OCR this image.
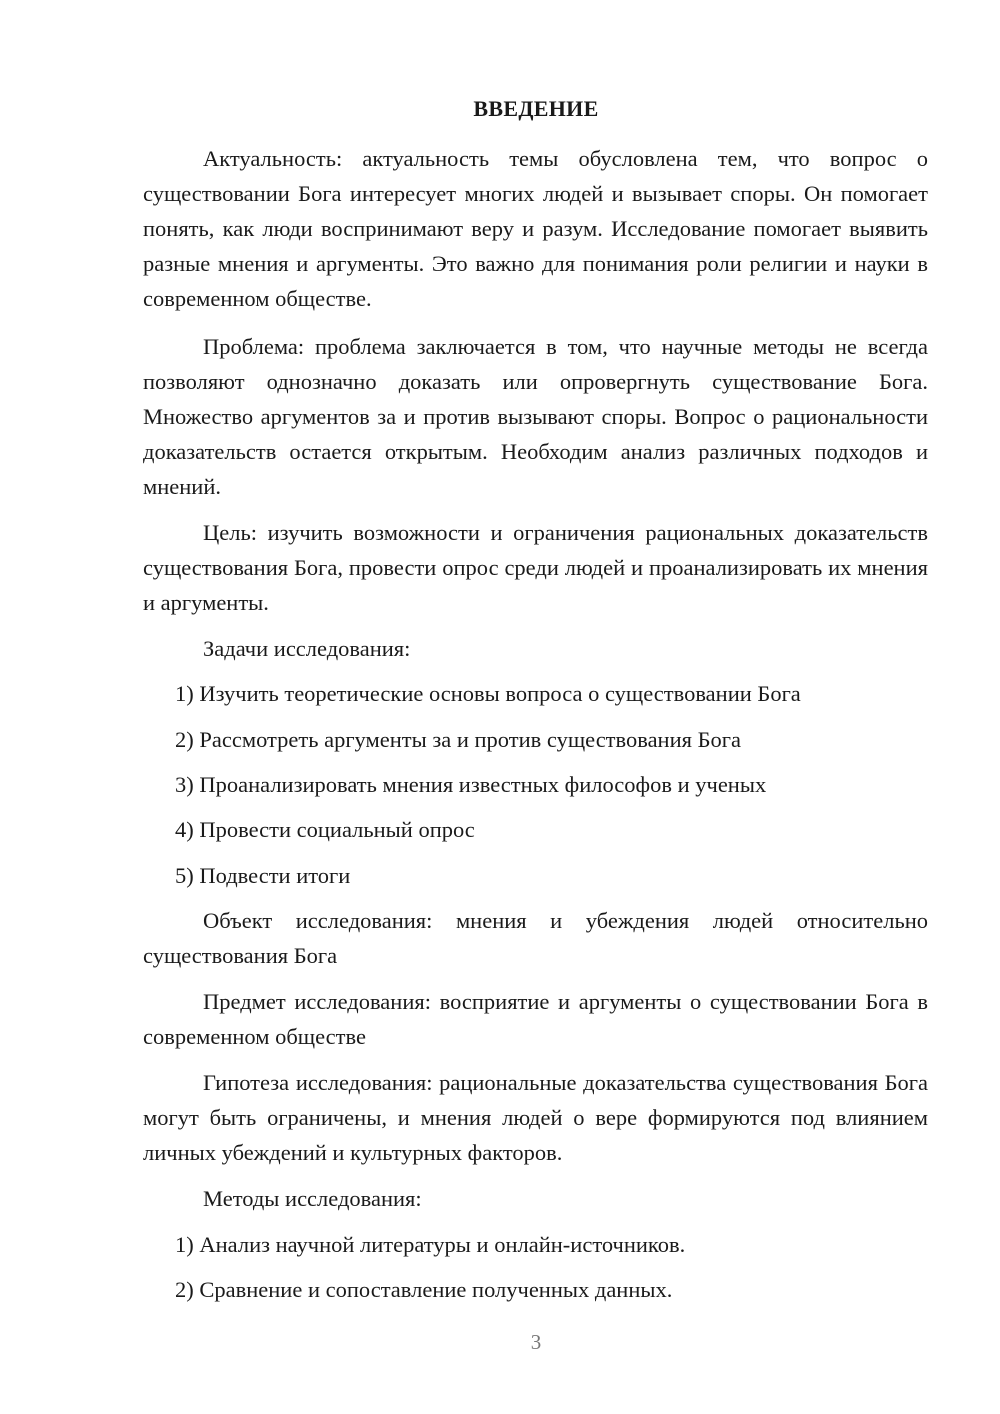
ВВЕДЕНИЕ

Актуальность: актуальность темы обусловлена тем, что вопрос о существовании Бога интересует многих людей и вызывает споры. Он помогает понять, как люди воспринимают веру и разум. Исследование помогает выявить разные мнения и аргументы. Это важно для понимания роли религии и науки в современном обществе.

Проблема: проблема заключается в том, что научные методы не всегда позволяют однозначно доказать или опровергнуть существование Бога. Множество аргументов за и против вызывают споры. Вопрос о рациональности доказательств остается открытым. Необходим анализ различных подходов и мнений.

Цель: изучить возможности и ограничения рациональных доказательств существования Бога, провести опрос среди людей и проанализировать их мнения и аргументы.

Задачи исследования:

1) Изучить теоретические основы вопроса о существовании Бога

2) Рассмотреть аргументы за и против существования Бога

3) Проанализировать мнения известных философов и ученых

4) Провести социальный опрос

5) Подвести итоги

Объект исследования: мнения и убеждения людей относительно существования Бога

Предмет исследования: восприятие и аргументы о существовании Бога в современном обществе

Гипотеза исследования: рациональные доказательства существования Бога могут быть ограничены, и мнения людей о вере формируются под влиянием личных убеждений и культурных факторов.

Методы исследования:

1) Анализ научной литературы и онлайн-источников.

2) Сравнение и сопоставление полученных данных.

3
